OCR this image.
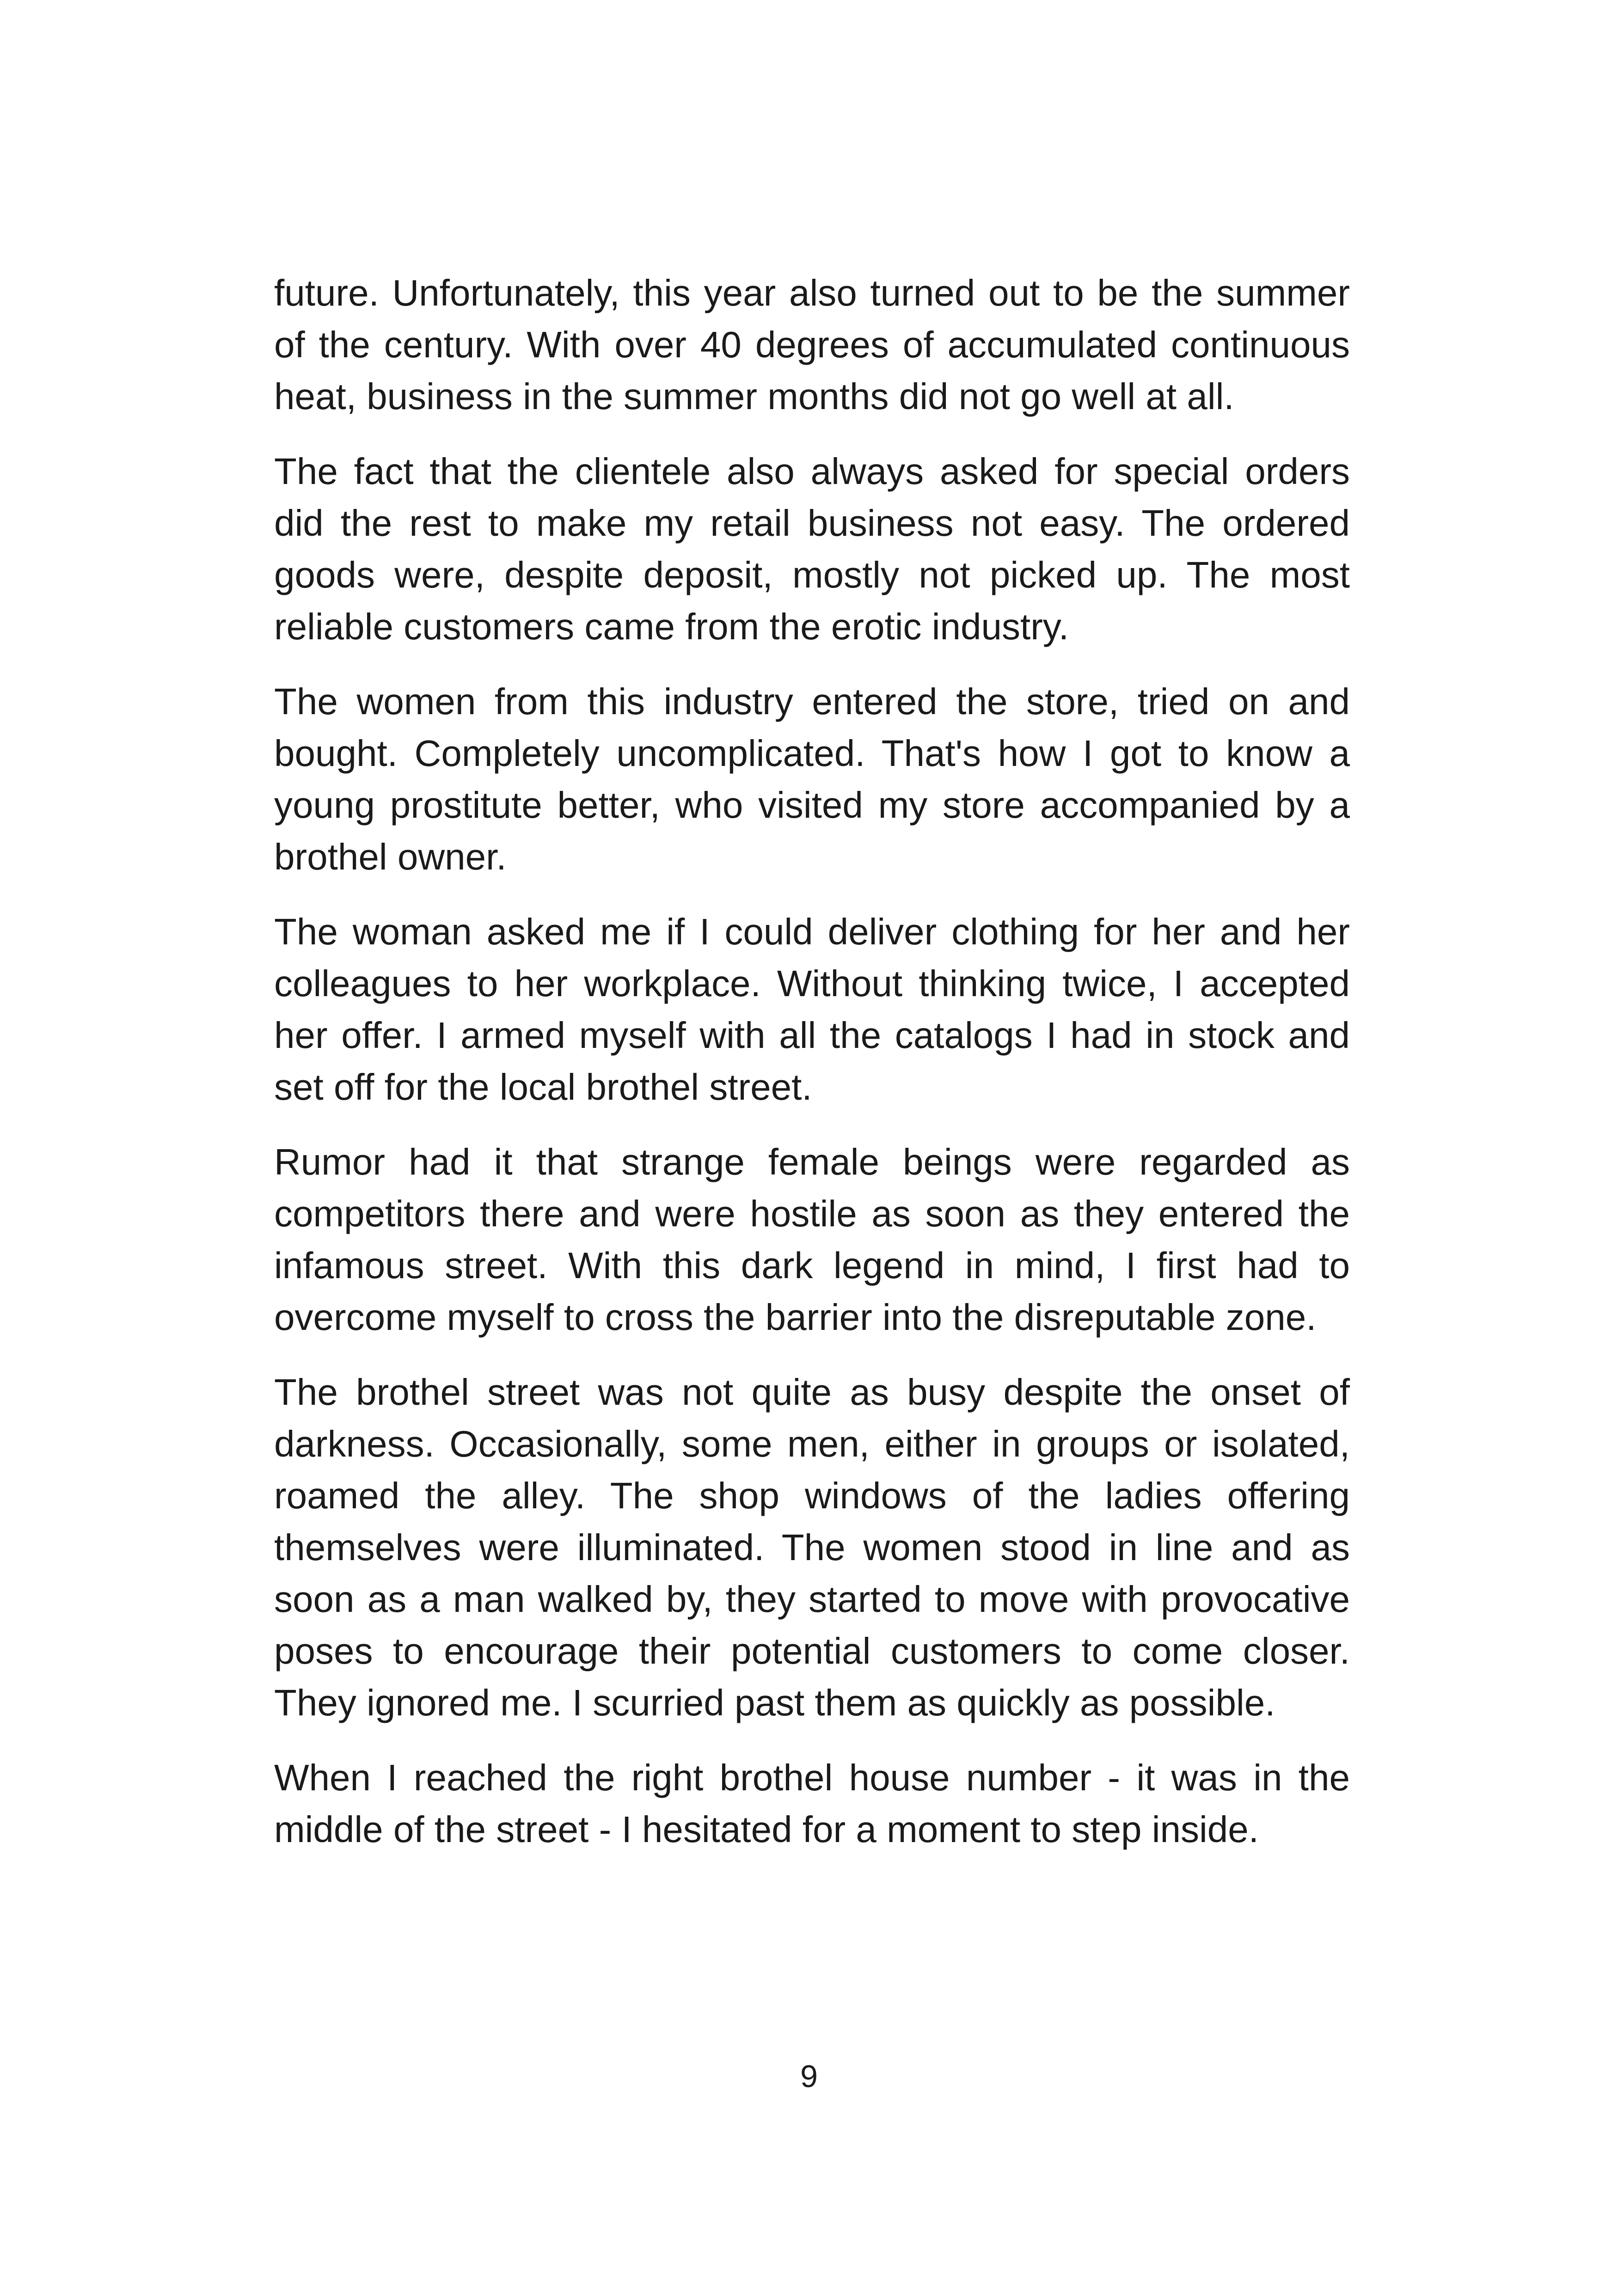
future. Unfortunately, this year also turned out to be the summer of the century. With over 40 degrees of accumulated continuous heat, business in the summer months did not go well at all.

The fact that the clientele also always asked for special orders did the rest to make my retail business not easy. The ordered goods were, despite deposit, mostly not picked up. The most reliable customers came from the erotic industry.

The women from this industry entered the store, tried on and bought. Completely uncomplicated. That's how I got to know a young prostitute better, who visited my store accompanied by a brothel owner.

The woman asked me if I could deliver clothing for her and her colleagues to her workplace. Without thinking twice, I accepted her offer. I armed myself with all the catalogs I had in stock and set off for the local brothel street.

Rumor had it that strange female beings were regarded as competitors there and were hostile as soon as they entered the infamous street. With this dark legend in mind, I first had to overcome myself to cross the barrier into the disreputable zone.

The brothel street was not quite as busy despite the onset of darkness. Occasionally, some men, either in groups or isolated, roamed the alley. The shop windows of the ladies offering themselves were illuminated. The women stood in line and as soon as a man walked by, they started to move with provocative poses to encourage their potential customers to come closer. They ignored me. I scurried past them as quickly as possible.

When I reached the right brothel house number - it was in the middle of the street - I hesitated for a moment to step inside.

9
